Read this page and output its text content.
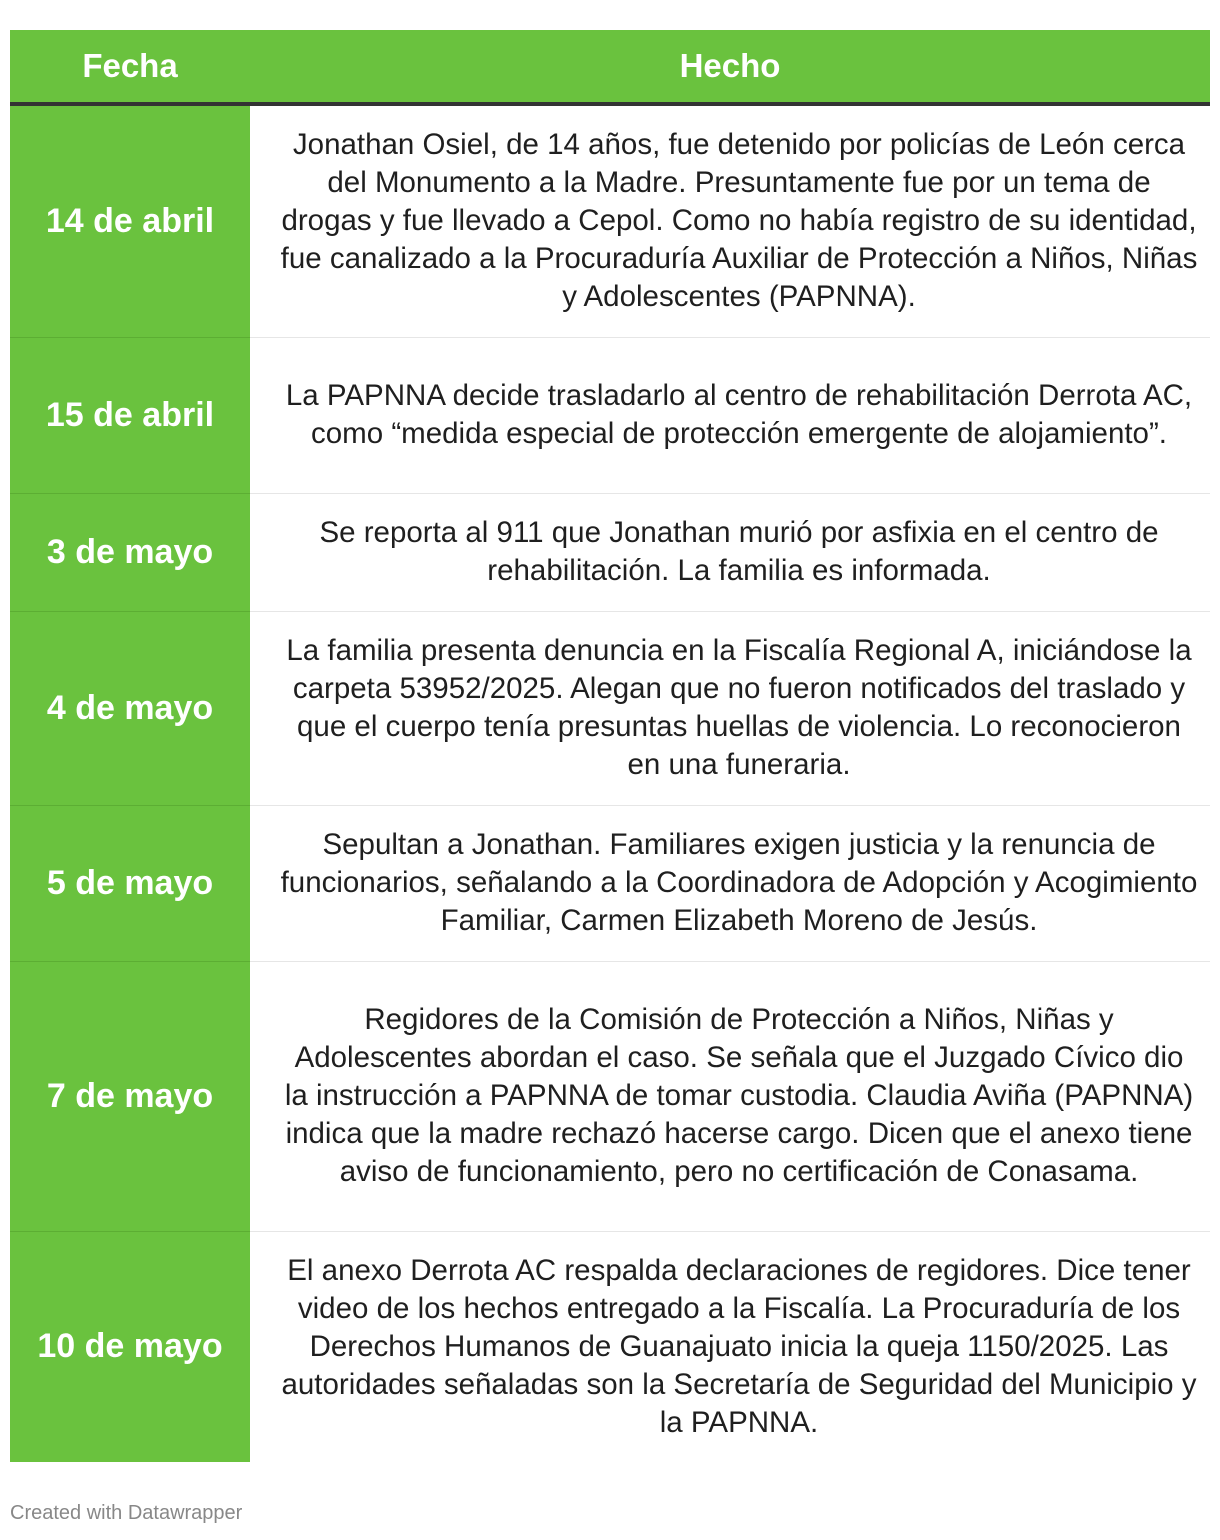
Fecha	Hecho
14 de abril	Jonathan Osiel, de 14 años, fue detenido por policías de León cerca del Monumento a la Madre. Presuntamente fue por un tema de drogas y fue llevado a Cepol. Como no había registro de su identidad, fue canalizado a la Procuraduría Auxiliar de Protección a Niños, Niñas y Adolescentes (PAPNNA).
15 de abril	La PAPNNA decide trasladarlo al centro de rehabilitación Derrota AC, como “medida especial de protección emergente de alojamiento”.
3 de mayo	Se reporta al 911 que Jonathan murió por asfixia en el centro de rehabilitación. La familia es informada.
4 de mayo	La familia presenta denuncia en la Fiscalía Regional A, iniciándose la carpeta 53952/2025. Alegan que no fueron notificados del traslado y que el cuerpo tenía presuntas huellas de violencia. Lo reconocieron en una funeraria.
5 de mayo	Sepultan a Jonathan. Familiares exigen justicia y la renuncia de funcionarios, señalando a la Coordinadora de Adopción y Acogimiento Familiar, Carmen Elizabeth Moreno de Jesús.
7 de mayo	Regidores de la Comisión de Protección a Niños, Niñas y Adolescentes abordan el caso. Se señala que el Juzgado Cívico dio la instrucción a PAPNNA de tomar custodia. Claudia Aviña (PAPNNA) indica que la madre rechazó hacerse cargo. Dicen que el anexo tiene aviso de funcionamiento, pero no certificación de Conasama.
10 de mayo	El anexo Derrota AC respalda declaraciones de regidores. Dice tener video de los hechos entregado a la Fiscalía. La Procuraduría de los Derechos Humanos de Guanajuato inicia la queja 1150/2025. Las autoridades señaladas son la Secretaría de Seguridad del Municipio y la PAPNNA.
Created with Datawrapper
